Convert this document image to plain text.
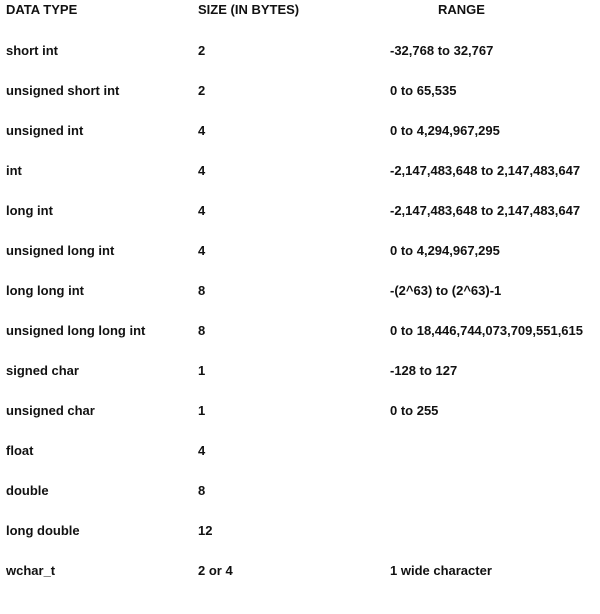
DATA TYPE	SIZE (IN BYTES)	RANGE
short int	2	-32,768 to 32,767
unsigned short int	2	0 to 65,535
unsigned int	4	0 to 4,294,967,295
int	4	-2,147,483,648 to 2,147,483,647
long int	4	-2,147,483,648 to 2,147,483,647
unsigned long int	4	0 to 4,294,967,295
long long int	8	-(2^63) to (2^63)-1
unsigned long long int	8	0 to 18,446,744,073,709,551,615
signed char	1	-128 to 127
unsigned char	1	0 to 255
float	4
double	8
long double	12
wchar_t	2 or 4	1 wide character
